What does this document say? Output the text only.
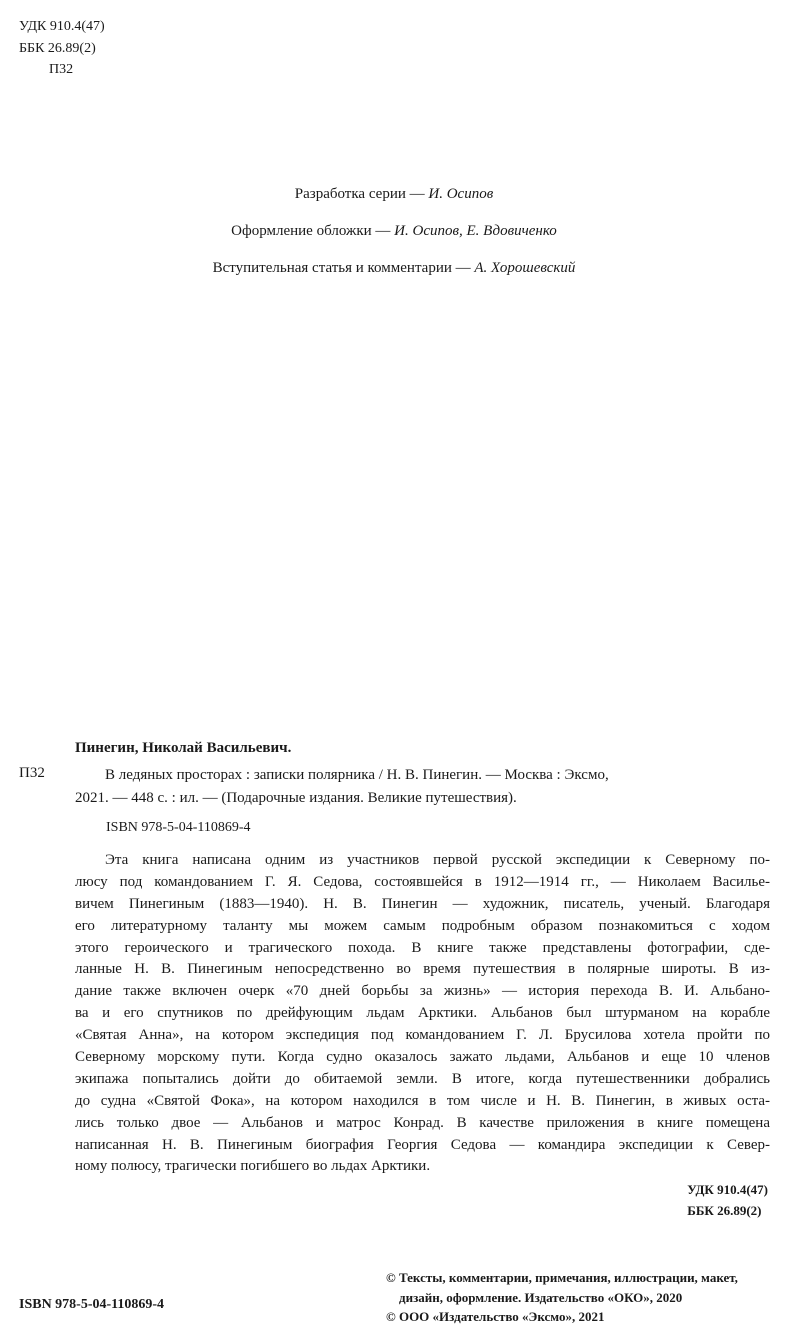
УДК 910.4(47)
ББК 26.89(2)
П32
Разработка серии — И. Осипов
Оформление обложки — И. Осипов, Е. Вдовиченко
Вступительная статья и комментарии — А. Хорошевский
Пинегин, Николай Васильевич.
П32	В ледяных просторах : записки полярника / Н. В. Пинегин. — Москва : Эксмо,
2021. — 448 с. : ил. — (Подарочные издания. Великие путешествия).
ISBN 978-5-04-110869-4
Эта книга написана одним из участников первой русской экспедиции к Северному по-
люсу под командованием Г. Я. Седова, состоявшейся в 1912—1914 гг., — Николаем Василье-
вичем Пинегиным (1883—1940). Н. В. Пинегин — художник, писатель, ученый. Благодаря
его литературному таланту мы можем самым подробным образом познакомиться с ходом
этого героического и трагического похода. В книге также представлены фотографии, сде-
ланные Н. В. Пинегиным непосредственно во время путешествия в полярные широты. В из-
дание также включен очерк «70 дней борьбы за жизнь» — история перехода В. И. Альбано-
ва и его спутников по дрейфующим льдам Арктики. Альбанов был штурманом на корабле
«Святая Анна», на котором экспедиция под командованием Г. Л. Брусилова хотела пройти по
Северному морскому пути. Когда судно оказалось зажато льдами, Альбанов и еще 10 членов
экипажа попытались дойти до обитаемой земли. В итоге, когда путешественники добрались
до судна «Святой Фока», на котором находился в том числе и Н. В. Пинегин, в живых оста-
лись только двое — Альбанов и матрос Конрад. В качестве приложения в книге помещена
написанная Н. В. Пинегиным биография Георгия Седова — командира экспедиции к Север-
ному полюсу, трагически погибшего во льдах Арктики.
УДК 910.4(47)
ББК 26.89(2)
ISBN 978-5-04-110869-4
© Тексты, комментарии, примечания, иллюстрации, макет,
дизайн, оформление. Издательство «ОКО», 2020
© ООО «Издательство «Эксмо», 2021
